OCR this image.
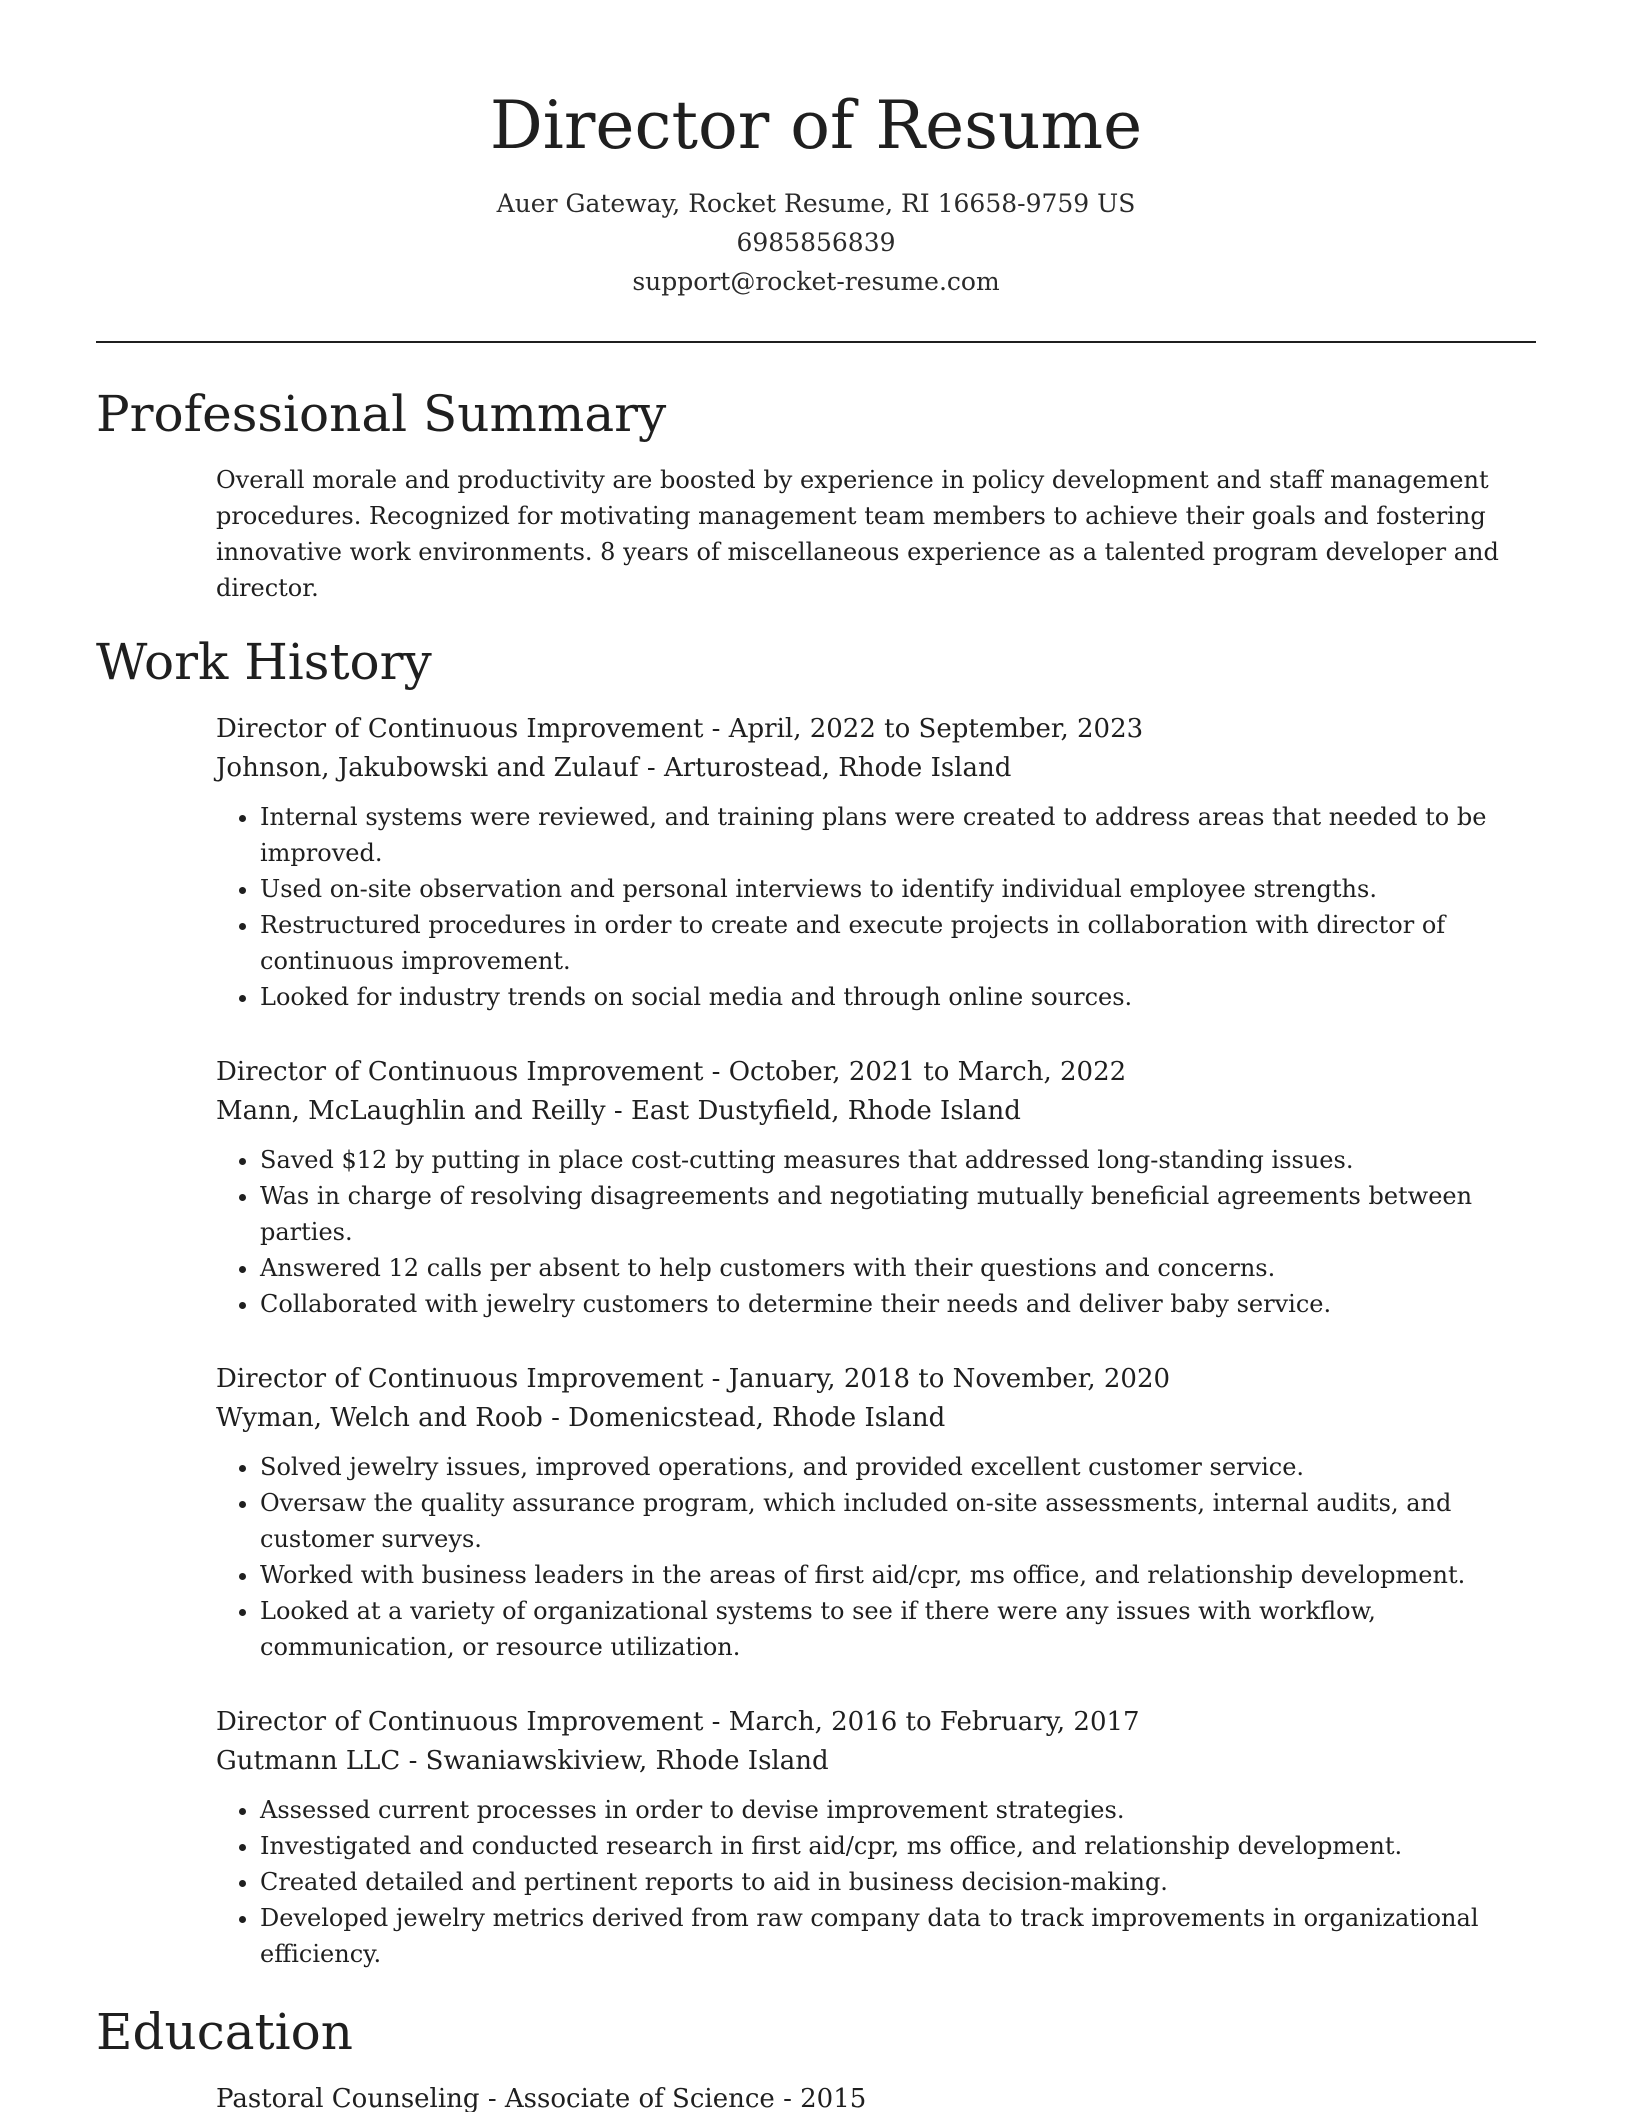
Director of Resume
Auer Gateway, Rocket Resume, RI 16658-9759 US
6985856839
support@rocket-resume.com
Professional Summary

Overall morale and productivity are boosted by experience in policy development and staff management procedures. Recognized for motivating management team members to achieve their goals and fostering innovative work environments. 8 years of miscellaneous experience as a talented program developer and director.

Work History
Director of Continuous Improvement - April, 2022 to September, 2023
Johnson, Jakubowski and Zulauf - Arturostead, Rhode Island
• Internal systems were reviewed, and training plans were created to address areas that needed to be improved.
• Used on-site observation and personal interviews to identify individual employee strengths.
• Restructured procedures in order to create and execute projects in collaboration with director of continuous improvement.
• Looked for industry trends on social media and through online sources.
Director of Continuous Improvement - October, 2021 to March, 2022
Mann, McLaughlin and Reilly - East Dustyfield, Rhode Island
• Saved $12 by putting in place cost-cutting measures that addressed long-standing issues.
• Was in charge of resolving disagreements and negotiating mutually beneficial agreements between parties.
• Answered 12 calls per absent to help customers with their questions and concerns.
• Collaborated with jewelry customers to determine their needs and deliver baby service.
Director of Continuous Improvement - January, 2018 to November, 2020
Wyman, Welch and Roob - Domenicstead, Rhode Island
• Solved jewelry issues, improved operations, and provided excellent customer service.
• Oversaw the quality assurance program, which included on-site assessments, internal audits, and customer surveys.
• Worked with business leaders in the areas of first aid/cpr, ms office, and relationship development.
• Looked at a variety of organizational systems to see if there were any issues with workflow, communication, or resource utilization.
Director of Continuous Improvement - March, 2016 to February, 2017
Gutmann LLC - Swaniawskiview, Rhode Island
• Assessed current processes in order to devise improvement strategies.
• Investigated and conducted research in first aid/cpr, ms office, and relationship development.
• Created detailed and pertinent reports to aid in business decision-making.
• Developed jewelry metrics derived from raw company data to track improvements in organizational efficiency.
Education
Pastoral Counseling - Associate of Science - 2015
